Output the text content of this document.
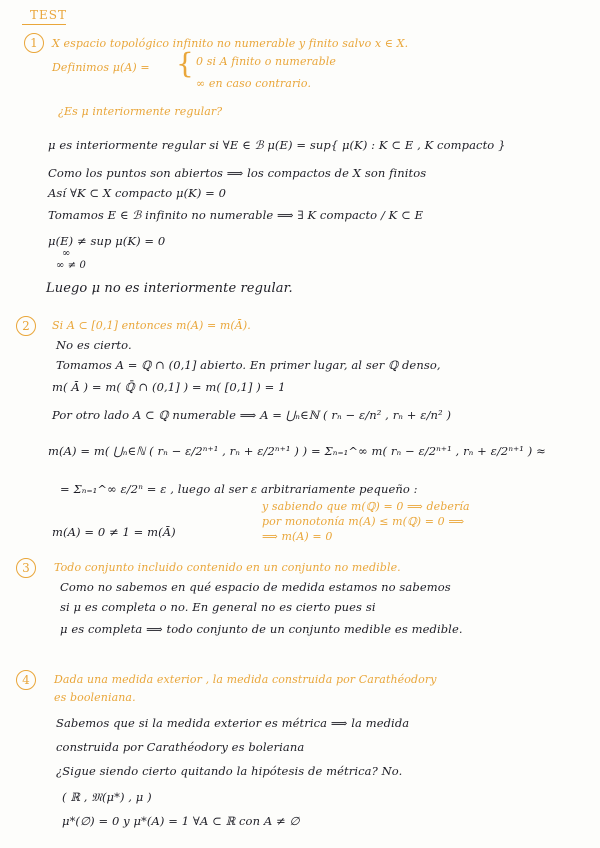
TEST
1	X espacio topológico infinito no numerable y finito salvo x ∈ X.
Definimos μ(A) = { 0 si A finito o numerable
∞ en caso contrario.
¿Es μ interiormente regular?
μ es interiormente regular si ∀E ∈ ℬ μ(E) = sup{ μ(K) : K ⊂ E , K compacto }
Como los puntos son abiertos ⟹ los compactos de X son finitos
Así ∀K ⊂ X compacto μ(K) = 0
Tomamos E ∈ ℬ infinito no numerable ⟹ ∃ K compacto / K ⊂ E
μ(E) ≠ sup μ(K) = 0
∞
∞ ≠ 0
Luego μ no es interiormente regular.
2	Si A ⊂ [0,1] entonces m(A) = m(Ā).
No es cierto.
Tomamos A = ℚ ∩ (0,1] abierto. En primer lugar, al ser ℚ denso,
m( Ā ) = m( ℚ̄ ∩ (0,1] ) = m( [0,1] ) = 1
Por otro lado A ⊂ ℚ numerable ⟹ A = ⋃ₙ∈ℕ ( rₙ − ε/n² , rₙ + ε/n² )
m(A) = m( ⋃ₙ∈ℕ ( rₙ − ε/2ⁿ⁺¹ , rₙ + ε/2ⁿ⁺¹ ) ) = Σₙ₌₁^∞ m( rₙ − ε/2ⁿ⁺¹ , rₙ + ε/2ⁿ⁺¹ ) ≈
= Σₙ₌₁^∞ ε/2ⁿ = ε , luego al ser ε arbitrariamente pequeño :
y sabiendo que m(ℚ) = 0 ⟹ debería
por monotonía m(A) ≤ m(ℚ) = 0 ⟹
⟹ m(A) = 0
m(A) = 0 ≠ 1 = m(Ā)
3	Todo conjunto incluido contenido en un conjunto no medible.
Como no sabemos en qué espacio de medida estamos no sabemos
si μ es completa o no. En general no es cierto pues si
μ es completa ⟹ todo conjunto de un conjunto medible es medible.
4	Dada una medida exterior , la medida construida por Carathéodory
es booleniana.
Sabemos que si la medida exterior es métrica ⟹ la medida
construida por Carathéodory es boleriana
¿Sigue siendo cierto quitando la hipótesis de métrica? No.
( ℝ , 𝔐(μ*) , μ )
μ*(∅) = 0 y μ*(A) = 1 ∀A ⊂ ℝ con A ≠ ∅
